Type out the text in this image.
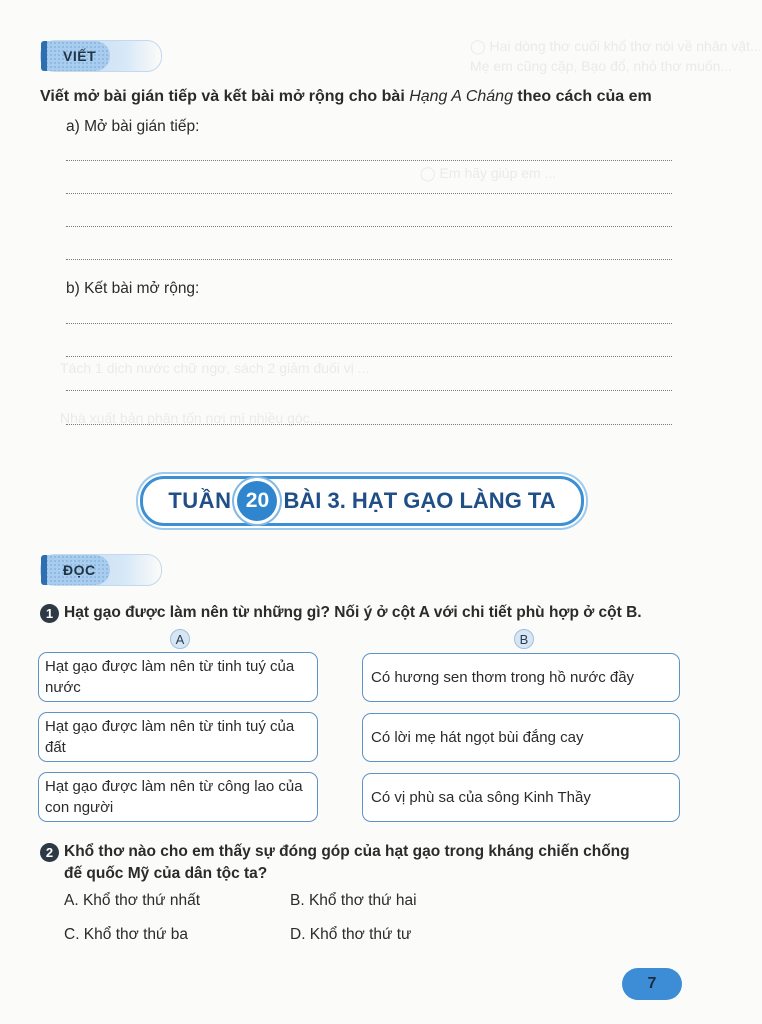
◯ Hai dòng thơ cuối khổ thơ nói về nhân vật...
Mẹ em cũng cặp, Bạo đổ, nhỏ thơ muốn...
◯ Em hãy giúp em ...
Tách 1 dịch nước chữ ngơ, sách 2 giảm đuối vị ...
Nhà xuất bản phân tốn nơi mí nhiều góc...
VIẾT
Viết mở bài gián tiếp và kết bài mở rộng cho bài Hạng A Cháng theo cách của em
a) Mở bài gián tiếp:
b) Kết bài mở rộng:
TUẦN 20 BÀI 3. HẠT GẠO LÀNG TA
ĐỌC
1 Hạt gạo được làm nên từ những gì? Nối ý ở cột A với chi tiết phù hợp ở cột B.
A	B
Hạt gạo được làm nên từ tinh tuý của nước
Hạt gạo được làm nên từ tinh tuý của đất
Hạt gạo được làm nên từ công lao của con người
Có hương sen thơm trong hồ nước đầy
Có lời mẹ hát ngọt bùi đắng cay
Có vị phù sa của sông Kinh Thầy
2 Khổ thơ nào cho em thấy sự đóng góp của hạt gạo trong kháng chiến chống
đế quốc Mỹ của dân tộc ta?
A. Khổ thơ thứ nhất	B. Khổ thơ thứ hai
C. Khổ thơ thứ ba	D. Khổ thơ thứ tư
7
